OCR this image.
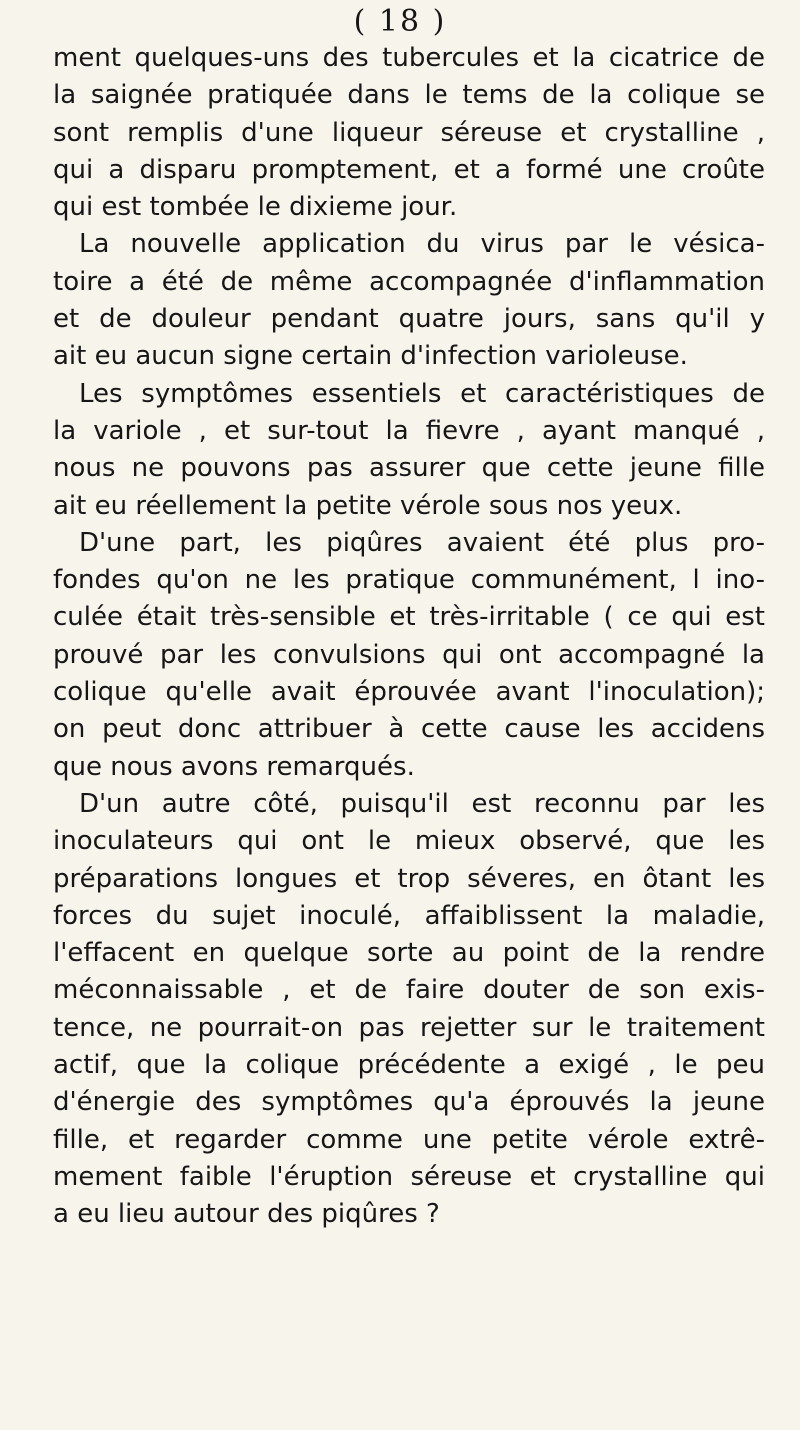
( 18 )
ment quelques-uns des tubercules et la cicatrice de
la saignée pratiquée dans le tems de la colique se
sont remplis d'une liqueur séreuse et crystalline ,
qui a disparu promptement, et a formé une croûte
qui est tombée le dixieme jour.
La nouvelle application du virus par le vésica-
toire a été de même accompagnée d'inflammation
et de douleur pendant quatre jours, sans qu'il y
ait eu aucun signe certain d'infection varioleuse.
Les symptômes essentiels et caractéristiques de
la variole , et sur-tout la fievre , ayant manqué ,
nous ne pouvons pas assurer que cette jeune fille
ait eu réellement la petite vérole sous nos yeux.
D'une part, les piqûres avaient été plus pro-
fondes qu'on ne les pratique communément, l ino-
culée était très-sensible et très-irritable ( ce qui est
prouvé par les convulsions qui ont accompagné la
colique qu'elle avait éprouvée avant l'inoculation);
on peut donc attribuer à cette cause les accidens
que nous avons remarqués.
D'un autre côté, puisqu'il est reconnu par les
inoculateurs qui ont le mieux observé, que les
préparations longues et trop séveres, en ôtant les
forces du sujet inoculé, affaiblissent la maladie,
l'effacent en quelque sorte au point de la rendre
méconnaissable , et de faire douter de son exis-
tence, ne pourrait-on pas rejetter sur le traitement
actif, que la colique précédente a exigé , le peu
d'énergie des symptômes qu'a éprouvés la jeune
fille, et regarder comme une petite vérole extrê-
mement faible l'éruption séreuse et crystalline qui
a eu lieu autour des piqûres ?
